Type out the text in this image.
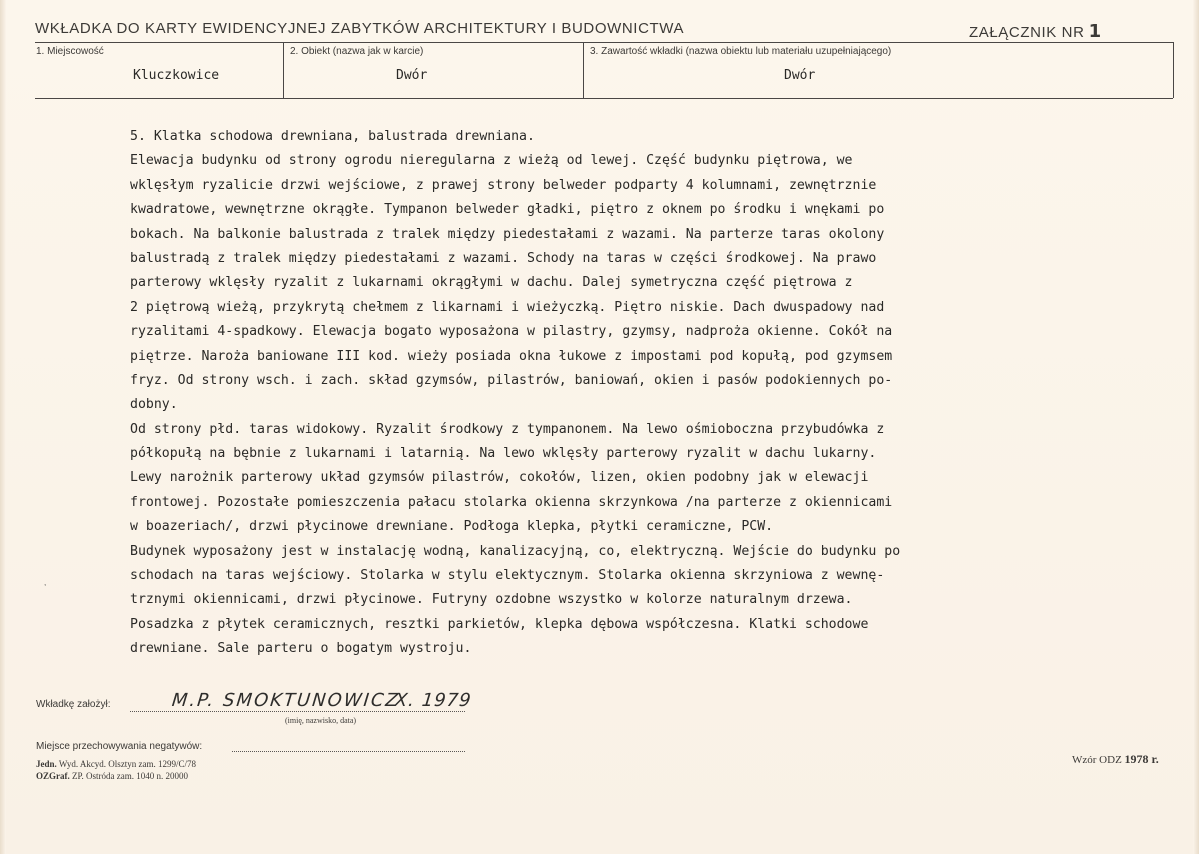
WKŁADKA DO KARTY EWIDENCYJNEJ ZABYTKÓW ARCHITEKTURY I BUDOWNICTWA	ZAŁĄCZNIK NR 1
1. Miejscowość
Kluczkowice
2. Obiekt (nazwa jak w karcie)
Dwór
3. Zawartość wkładki (nazwa obiektu lub materiału uzupełniającego)
Dwór
5. Klatka schodowa drewniana, balustrada drewniana.
Elewacja budynku od strony ogrodu nieregularna z wieżą od lewej. Część budynku piętrowa, we
wklęsłym ryzalicie drzwi wejściowe, z prawej strony belweder podparty 4 kolumnami, zewnętrznie
kwadratowe, wewnętrzne okrągłe. Tympanon belweder gładki, piętro z oknem po środku i wnękami po
bokach. Na balkonie balustrada z tralek między piedestałami z wazami. Na parterze taras okolony
balustradą z tralek między piedestałami z wazami. Schody na taras w części środkowej. Na prawo
parterowy wklęsły ryzalit z lukarnami okrągłymi w dachu. Dalej symetryczna część piętrowa z
2 piętrową wieżą, przykrytą chełmem z likarnami i wieżyczką. Piętro niskie. Dach dwuspadowy nad
ryzalitami 4-spadkowy. Elewacja bogato wyposażona w pilastry, gzymsy, nadproża okienne. Cokół na
piętrze. Naroża baniowane III kod. wieży posiada okna łukowe z impostami pod kopułą, pod gzymsem
fryz. Od strony wsch. i zach. skład gzymsów, pilastrów, baniowań, okien i pasów podokiennych po-
dobny.
Od strony płd. taras widokowy. Ryzalit środkowy z tympanonem. Na lewo ośmioboczna przybudówka z
półkopułą na bębnie z lukarnami i latarnią. Na lewo wklęsły parterowy ryzalit w dachu lukarny.
Lewy narożnik parterowy układ gzymsów pilastrów, cokołów, lizen, okien podobny jak w elewacji
frontowej. Pozostałe pomieszczenia pałacu stolarka okienna skrzynkowa /na parterze z okiennicami
w boazeriach/, drzwi płycinowe drewniane. Podłoga klepka, płytki ceramiczne, PCW.
Budynek wyposażony jest w instalację wodną, kanalizacyjną, co, elektryczną. Wejście do budynku po
schodach na taras wejściowy. Stolarka w stylu elektycznym. Stolarka okienna skrzyniowa z wewnę-
trznymi okiennicami, drzwi płycinowe. Futryny ozdobne wszystko w kolorze naturalnym drzewa.
Posadzka z płytek ceramicznych, resztki parkietów, klepka dębowa współczesna. Klatki schodowe
drewniane. Sale parteru o bogatym wystroju.
,
Wkładkę założył:	M.P. SMOKTUNOWICZ
X. 1979
(imię, nazwisko, data)
Miejsce przechowywania negatywów:
Jedn. Wyd. Akcyd. Olsztyn zam. 1299/C/78
OZGraf. ZP. Ostróda zam. 1040 n. 20000
Wzór ODZ 1978 r.
